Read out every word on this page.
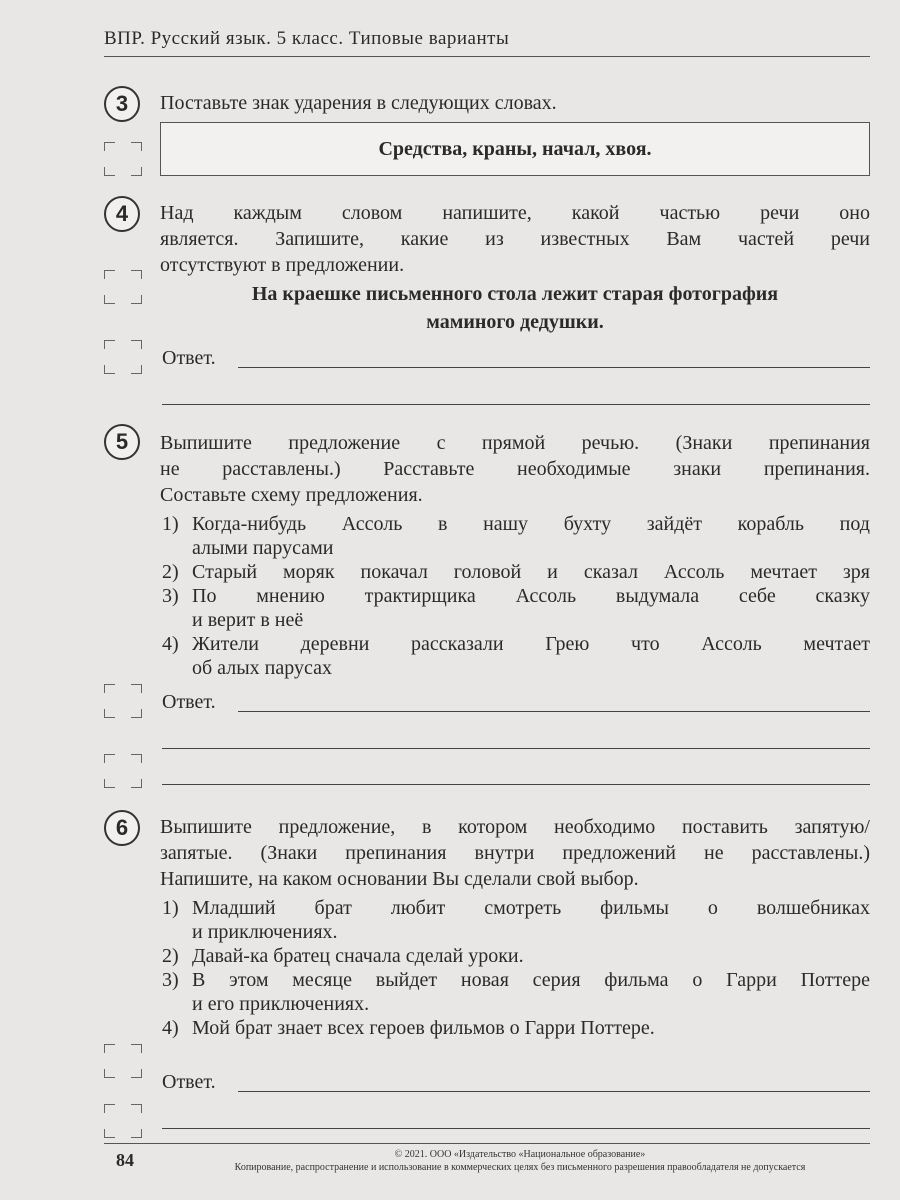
ВПР. Русский язык. 5 класс. Типовые варианты
3	Поставьте знак ударения в следующих словах.
Средства, краны, начал, хвоя.
4	Над каждым словом напишите, какой частью речи оно
является. Запишите, какие из известных Вам частей речи
отсутствуют в предложении.
На краешке письменного стола лежит старая фотография
маминого дедушки.
Ответ.
5	Выпишите предложение с прямой речью. (Знаки препинания
не расставлены.) Расставьте необходимые знаки препинания.
Составьте схему предложения.
1) Когда-нибудь Ассоль в нашу бухту зайдёт корабль под
алыми парусами
2) Старый моряк покачал головой и сказал Ассоль мечтает зря
3) По мнению трактирщика Ассоль выдумала себе сказку
и верит в неё
4) Жители деревни рассказали Грею что Ассоль мечтает
об алых парусах
Ответ.
6	Выпишите предложение, в котором необходимо поставить запятую/
запятые. (Знаки препинания внутри предложений не расставлены.)
Напишите, на каком основании Вы сделали свой выбор.
1) Младший брат любит смотреть фильмы о волшебниках
и приключениях.
2) Давай-ка братец сначала сделай уроки.
3) В этом месяце выйдет новая серия фильма о Гарри Поттере
и его приключениях.
4) Мой брат знает всех героев фильмов о Гарри Поттере.
Ответ.
84	© 2021. ООО «Издательство «Национальное образование»
Копирование, распространение и использование в коммерческих целях без письменного разрешения правообладателя не допускается
